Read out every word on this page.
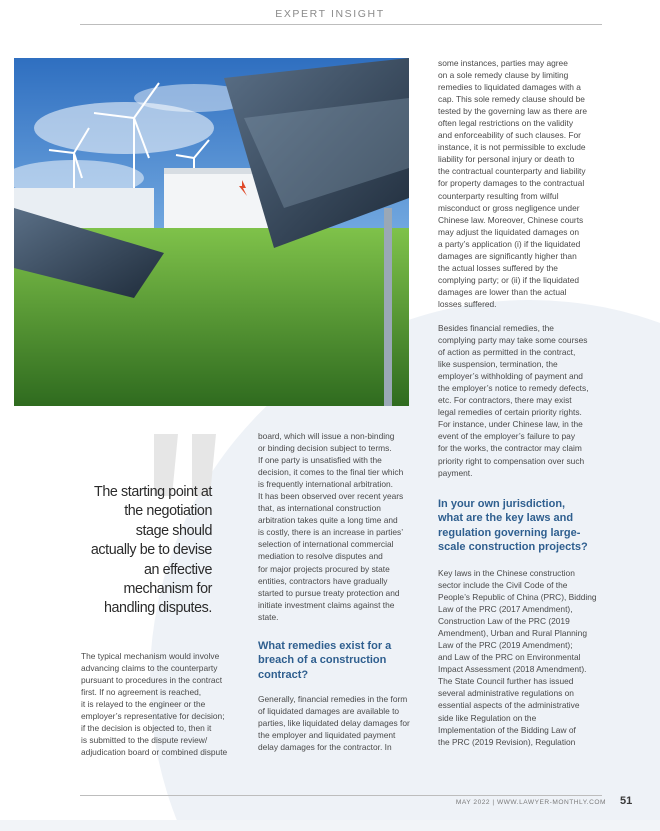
EXPERT INSIGHT
The starting point at the negotiation stage should actually be to devise an effective mechanism for handling disputes.

The typical mechanism would involve
advancing claims to the counterparty
pursuant to procedures in the contract
first. If no agreement is reached,
it is relayed to the engineer or the
employer’s representative for decision;
if the decision is objected to, then it
is submitted to the dispute review/
adjudication board or combined dispute

board, which will issue a non-binding
or binding decision subject to terms.
If one party is unsatisfied with the
decision, it comes to the final tier which
is frequently international arbitration.
It has been observed over recent years
that, as international construction
arbitration takes quite a long time and
is costly, there is an increase in parties’
selection of international commercial
mediation to resolve disputes and
for major projects procured by state
entities, contractors have gradually
started to pursue treaty protection and
initiate investment claims against the
state.

What remedies exist for a
breach of a construction
contract?

Generally, financial remedies in the form
of liquidated damages are available to
parties, like liquidated delay damages for
the employer and liquidated payment
delay damages for the contractor. In

some instances, parties may agree
on a sole remedy clause by limiting
remedies to liquidated damages with a
cap. This sole remedy clause should be
tested by the governing law as there are
often legal restrictions on the validity
and enforceability of such clauses. For
instance, it is not permissible to exclude
liability for personal injury or death to
the contractual counterparty and liability
for property damages to the contractual
counterparty resulting from wilful
misconduct or gross negligence under
Chinese law. Moreover, Chinese courts
may adjust the liquidated damages on
a party’s application (i) if the liquidated
damages are significantly higher than
the actual losses suffered by the
complying party; or (ii) if the liquidated
damages are lower than the actual
losses suffered.

Besides financial remedies, the
complying party may take some courses
of action as permitted in the contract,
like suspension, termination, the
employer’s withholding of payment and
the employer’s notice to remedy defects,
etc. For contractors, there may exist
legal remedies of certain priority rights.
For instance, under Chinese law, in the
event of the employer’s failure to pay
for the works, the contractor may claim
priority right to compensation over such
payment.

In your own jurisdiction,
what are the key laws and
regulation governing large-
scale construction projects?

Key laws in the Chinese construction
sector include the Civil Code of the
People’s Republic of China (PRC), Bidding
Law of the PRC (2017 Amendment),
Construction Law of the PRC (2019
Amendment), Urban and Rural Planning
Law of the PRC (2019 Amendment);
and Law of the PRC on Environmental
Impact Assessment (2018 Amendment).
The State Council further has issued
several administrative regulations on
essential aspects of the administrative
side like Regulation on the
Implementation of the Bidding Law of
the PRC (2019 Revision), Regulation

MAY 2022 | WWW.LAWYER-MONTHLY.COM 51
